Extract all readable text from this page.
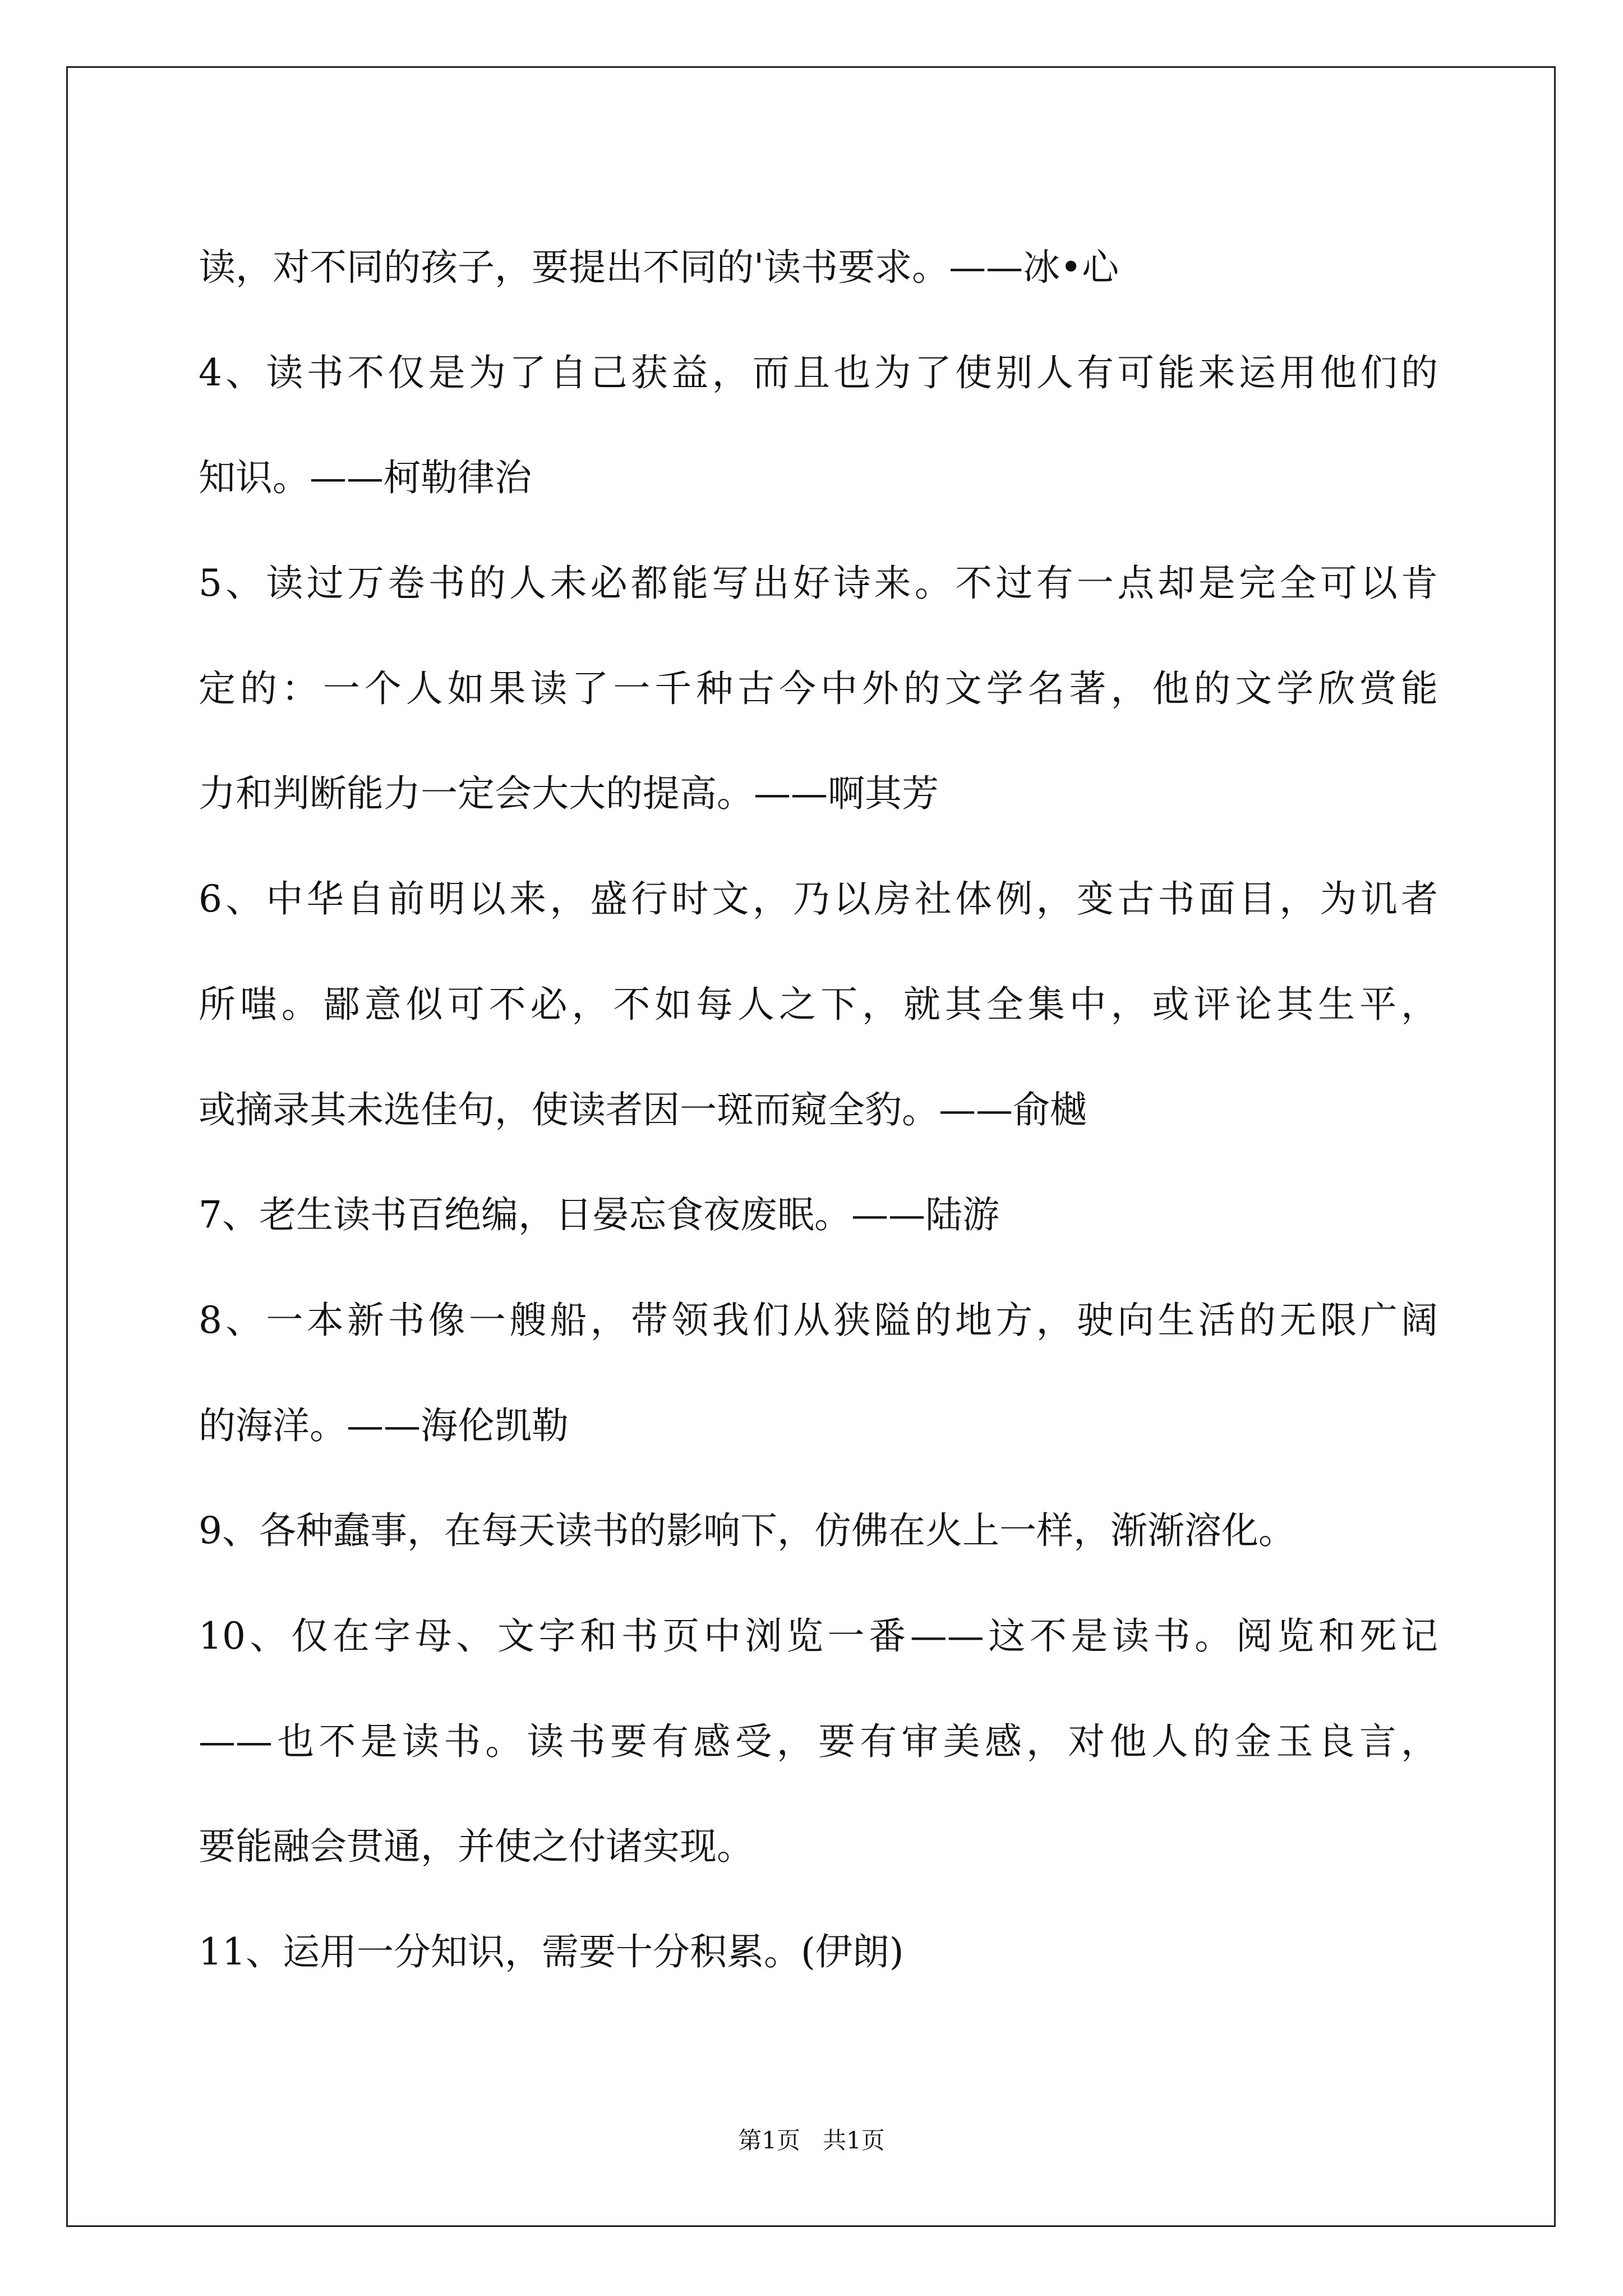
读，对不同的孩子，要提出不同的'读书要求。——冰•心
4、读书不仅是为了自己获益，而且也为了使别人有可能来运用他们的
知识。——柯勒律治
5、读过万卷书的人未必都能写出好诗来。不过有一点却是完全可以肯
定的：一个人如果读了一千种古今中外的文学名著，他的文学欣赏能
力和判断能力一定会大大的提高。——啊其芳
6、中华自前明以来，盛行时文，乃以房社体例，变古书面目，为讥者
所嗤。鄙意似可不必，不如每人之下，就其全集中，或评论其生平，
或摘录其未选佳句，使读者因一斑而窥全豹。——俞樾
7、老生读书百绝编，日晏忘食夜废眠。——陆游
8、一本新书像一艘船，带领我们从狭隘的地方，驶向生活的无限广阔
的海洋。——海伦凯勒
9、各种蠢事，在每天读书的影响下，仿佛在火上一样，渐渐溶化。
10、仅在字母、文字和书页中浏览一番——这不是读书。阅览和死记
——也不是读书。读书要有感受，要有审美感，对他人的金玉良言，
要能融会贯通，并使之付诸实现。
11、运用一分知识，需要十分积累。(伊朗)
第1页   共1页
